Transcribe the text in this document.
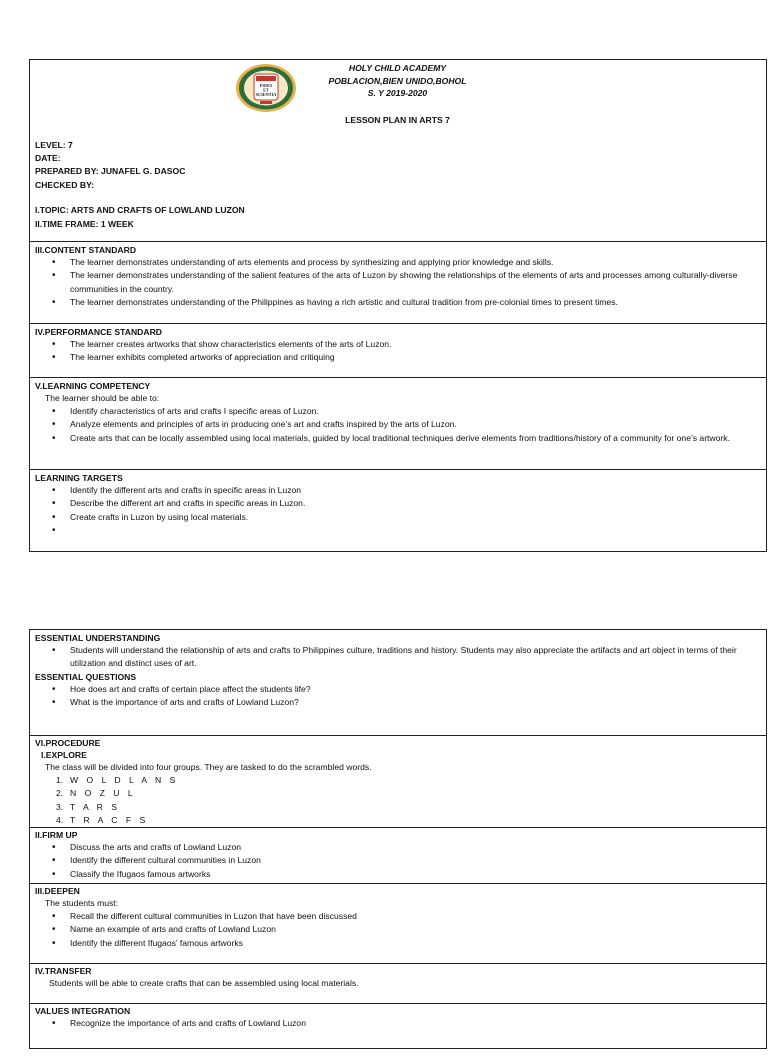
FIDES
ET
SCIENTIA
HOLY CHILD ACADEMY
POBLACION,BIEN UNIDO,BOHOL
S. Y 2019-2020
LESSON PLAN IN ARTS 7
LEVEL: 7
DATE:
PREPARED BY: JUNAFEL G. DASOC
CHECKED BY:
I.TOPIC: ARTS AND CRAFTS OF LOWLAND LUZON
II.TIME FRAME: 1 WEEK
III.CONTENT STANDARD
• The learner demonstrates understanding of arts elements and process by synthesizing and applying prior knowledge and skills.
• The learner demonstrates understanding of the salient features of the arts of Luzon by showing the relationships of the elements of arts and processes among culturally-diverse communities in the country.
• The learner demonstrates understanding of the Philippines as having a rich artistic and cultural tradition from pre-colonial times to present times.
IV.PERFORMANCE STANDARD
• The learner creates artworks that show characteristics elements of the arts of Luzon.
• The learner exhibits completed artworks of appreciation and critiquing
V.LEARNING COMPETENCY
The learner should be able to:
• Identify characteristics of arts and crafts I specific areas of Luzon.
• Analyze elements and principles of arts in producing one’s art and crafts inspired by the arts of Luzon.
• Create arts that can be locally assembled using local materials, guided by local traditional techniques derive elements from traditions/history of a community for one’s artwork.
LEARNING TARGETS
• Identify the different arts and crafts in specific areas in Luzon
• Describe the different art and crafts in specific areas in Luzon.
• Create crafts in Luzon by using local materials.
ESSENTIAL UNDERSTANDING
• Students will understand the relationship of arts and crafts to Philippines culture, traditions and history. Students may also appreciate the artifacts and art object in terms of their utilization and distinct uses of art.
ESSENTIAL QUESTIONS
• Hoe does art and crafts of certain place affect the students life?
• What is the importance of arts and crafts of Lowland Luzon?
VI.PROCEDURE
I.EXPLORE
The class will be divided into four groups. They are tasked to do the scrambled words.
1. W O L D L A N S
2. N O Z U L
3. T A R S
4. T R A C F S
II.FIRM UP
• Discuss the arts and crafts of Lowland Luzon
• Identify the different cultural communities in Luzon
• Classify the Ifugaos famous artworks
III.DEEPEN
The students must:
• Recall the different cultural communities in Luzon that have been discussed
• Name an example of arts and crafts of Lowland Luzon
• Identify the different Ifugaos’ famous artworks
IV.TRANSFER
Students will be able to create crafts that can be assembled using local materials.
VALUES INTEGRATION
• Recognize the importance of arts and crafts of Lowland Luzon
